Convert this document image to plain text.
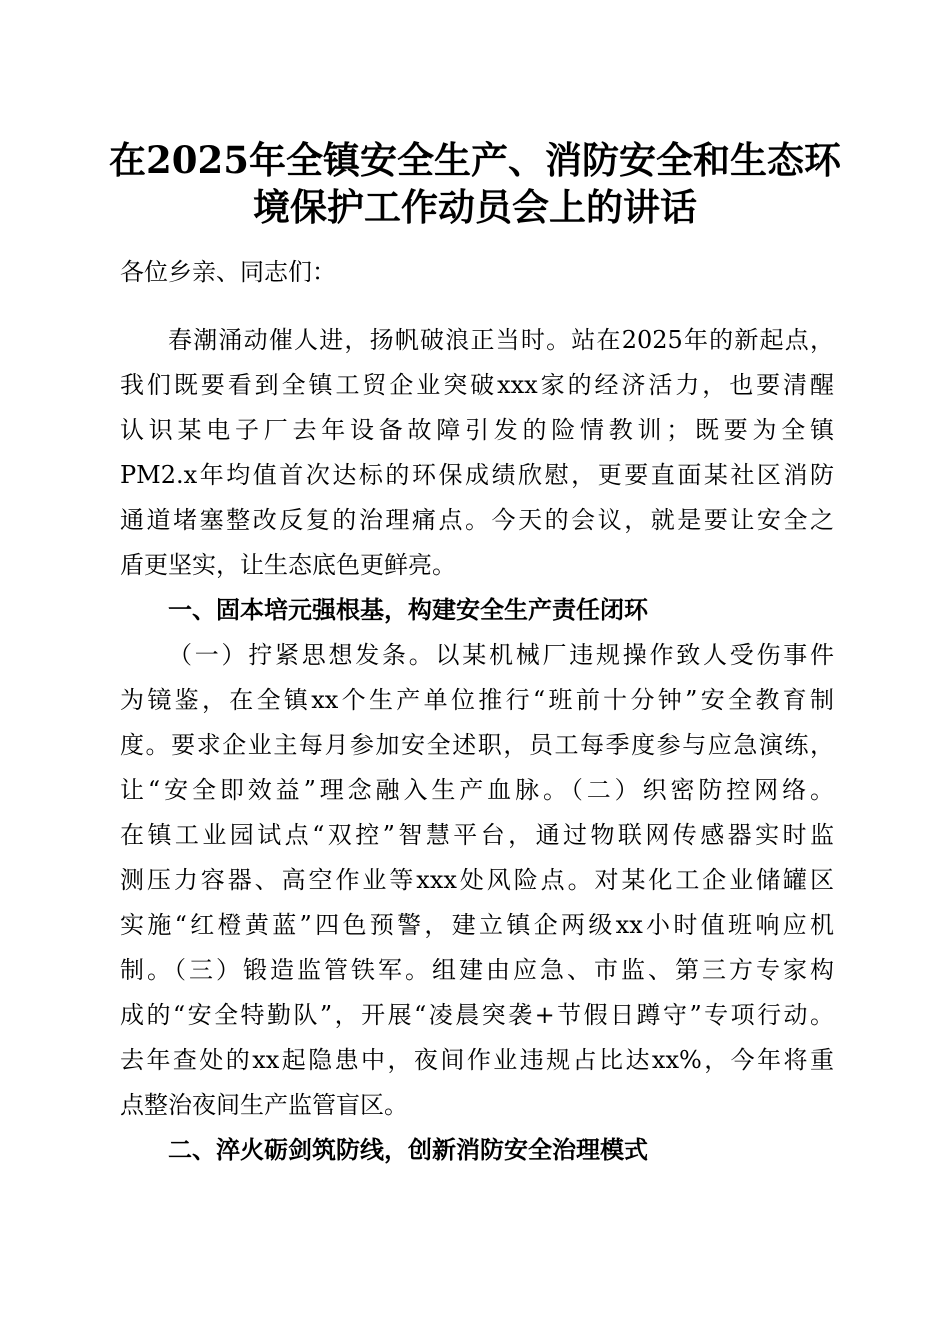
在2025年全镇安全生产、消防安全和生态环
境保护工作动员会上的讲话

各位乡亲、同志们：

春潮涌动催人进，扬帆破浪正当时。站在2025年的新起点，

我们既要看到全镇工贸企业突破xxx家的经济活力，也要清醒

认识某电子厂去年设备故障引发的险情教训；既要为全镇

PM2.x年均值首次达标的环保成绩欣慰，更要直面某社区消防

通道堵塞整改反复的治理痛点。今天的会议，就是要让安全之

盾更坚实，让生态底色更鲜亮。

一、固本培元强根基，构建安全生产责任闭环

（一）拧紧思想发条。以某机械厂违规操作致人受伤事件

为镜鉴，在全镇xx个生产单位推行“班前十分钟”安全教育制

度。要求企业主每月参加安全述职，员工每季度参与应急演练，

让“安全即效益”理念融入生产血脉。（二）织密防控网络。

在镇工业园试点“双控”智慧平台，通过物联网传感器实时监

测压力容器、高空作业等xxx处风险点。对某化工企业储罐区

实施“红橙黄蓝”四色预警，建立镇企两级xx小时值班响应机

制。（三）锻造监管铁军。组建由应急、市监、第三方专家构

成的“安全特勤队”，开展“凌晨突袭+节假日蹲守”专项行动。

去年查处的xx起隐患中，夜间作业违规占比达xx%，今年将重

点整治夜间生产监管盲区。

二、淬火砺剑筑防线，创新消防安全治理模式
